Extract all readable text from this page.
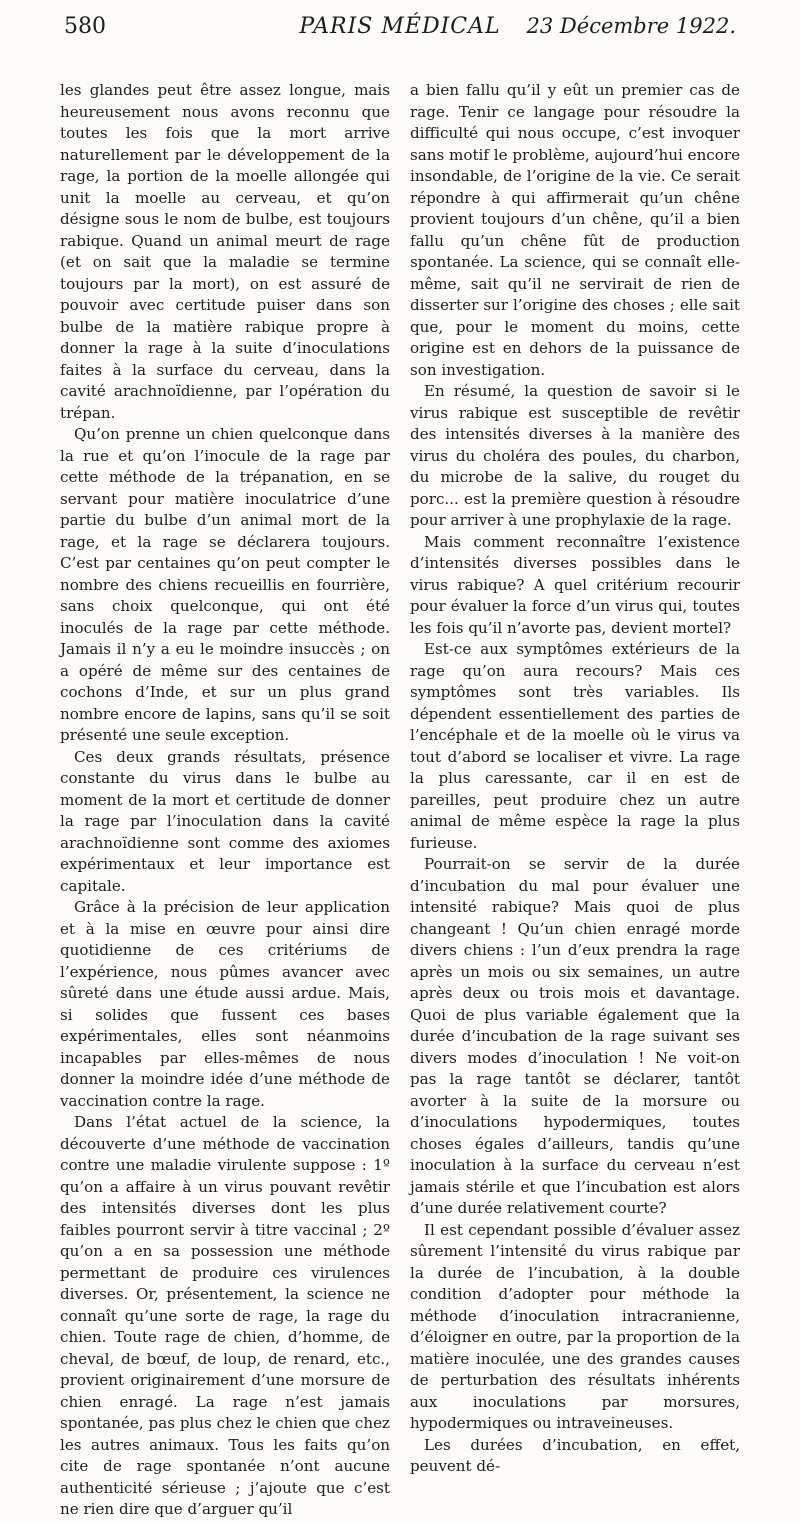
580	PARIS MÉDICAL	23 Décembre 1922.

les glandes peut être assez longue, mais heureusement nous avons reconnu que toutes les fois que la mort arrive naturellement par le développement de la rage, la portion de la moelle allongée qui unit la moelle au cerveau, et qu’on désigne sous le nom de bulbe, est toujours rabique. Quand un animal meurt de rage (et on sait que la maladie se termine toujours par la mort), on est assuré de pouvoir avec certitude puiser dans son bulbe de la matière rabique propre à donner la rage à la suite d’inoculations faites à la surface du cerveau, dans la cavité arachnoïdienne, par l’opération du trépan.

Qu’on prenne un chien quelconque dans la rue et qu’on l’inocule de la rage par cette méthode de la trépanation, en se servant pour matière inoculatrice d’une partie du bulbe d’un animal mort de la rage, et la rage se déclarera toujours. C’est par centaines qu’on peut compter le nombre des chiens recueillis en fourrière, sans choix quelconque, qui ont été inoculés de la rage par cette méthode. Jamais il n’y a eu le moindre insuccès ; on a opéré de même sur des centaines de cochons d’Inde, et sur un plus grand nombre encore de lapins, sans qu’il se soit présenté une seule exception.

Ces deux grands résultats, présence constante du virus dans le bulbe au moment de la mort et certitude de donner la rage par l’inoculation dans la cavité arachnoïdienne sont comme des axiomes expérimentaux et leur importance est capitale.

Grâce à la précision de leur application et à la mise en œuvre pour ainsi dire quotidienne de ces critériums de l’expérience, nous pûmes avancer avec sûreté dans une étude aussi ardue. Mais, si solides que fussent ces bases expérimentales, elles sont néanmoins incapables par elles-mêmes de nous donner la moindre idée d’une méthode de vaccination contre la rage.

Dans l’état actuel de la science, la découverte d’une méthode de vaccination contre une maladie virulente suppose : 1º qu’on a affaire à un virus pouvant revêtir des intensités diverses dont les plus faibles pourront servir à titre vaccinal ; 2º qu’on a en sa possession une méthode permettant de produire ces virulences diverses. Or, présentement, la science ne connaît qu’une sorte de rage, la rage du chien. Toute rage de chien, d’homme, de cheval, de bœuf, de loup, de renard, etc., provient originairement d’une morsure de chien enragé. La rage n’est jamais spontanée, pas plus chez le chien que chez les autres animaux. Tous les faits qu’on cite de rage spontanée n’ont aucune authenticité sérieuse ; j’ajoute que c’est ne rien dire que d’arguer qu’il

a bien fallu qu’il y eût un premier cas de rage. Tenir ce langage pour résoudre la difficulté qui nous occupe, c’est invoquer sans motif le problème, aujourd’hui encore insondable, de l’origine de la vie. Ce serait répondre à qui affirmerait qu’un chêne provient toujours d’un chêne, qu’il a bien fallu qu’un chêne fût de production spontanée. La science, qui se connaît elle-même, sait qu’il ne servirait de rien de disserter sur l’origine des choses ; elle sait que, pour le moment du moins, cette origine est en dehors de la puissance de son investigation.

En résumé, la question de savoir si le virus rabique est susceptible de revêtir des intensités diverses à la manière des virus du choléra des poules, du charbon, du microbe de la salive, du rouget du porc... est la première question à résoudre pour arriver à une prophylaxie de la rage.

Mais comment reconnaître l’existence d’intensités diverses possibles dans le virus rabique? A quel critérium recourir pour évaluer la force d’un virus qui, toutes les fois qu’il n’avorte pas, devient mortel?

Est-ce aux symptômes extérieurs de la rage qu’on aura recours? Mais ces symptômes sont très variables. Ils dépendent essentiellement des parties de l’encéphale et de la moelle où le virus va tout d’abord se localiser et vivre. La rage la plus caressante, car il en est de pareilles, peut produire chez un autre animal de même espèce la rage la plus furieuse.

Pourrait-on se servir de la durée d’incubation du mal pour évaluer une intensité rabique? Mais quoi de plus changeant ! Qu’un chien enragé morde divers chiens : l’un d’eux prendra la rage après un mois ou six semaines, un autre après deux ou trois mois et davantage. Quoi de plus variable également que la durée d’incubation de la rage suivant ses divers modes d’inoculation ! Ne voit-on pas la rage tantôt se déclarer, tantôt avorter à la suite de la morsure ou d’inoculations hypodermiques, toutes choses égales d’ailleurs, tandis qu’une inoculation à la surface du cerveau n’est jamais stérile et que l’incubation est alors d’une durée relativement courte?

Il est cependant possible d’évaluer assez sûrement l’intensité du virus rabique par la durée de l’incubation, à la double condition d’adopter pour méthode la méthode d’inoculation intracranienne, d’éloigner en outre, par la proportion de la matière inoculée, une des grandes causes de perturbation des résultats inhérents aux inoculations par morsures, hypodermiques ou intraveineuses.

Les durées d’incubation, en effet, peuvent dé-
